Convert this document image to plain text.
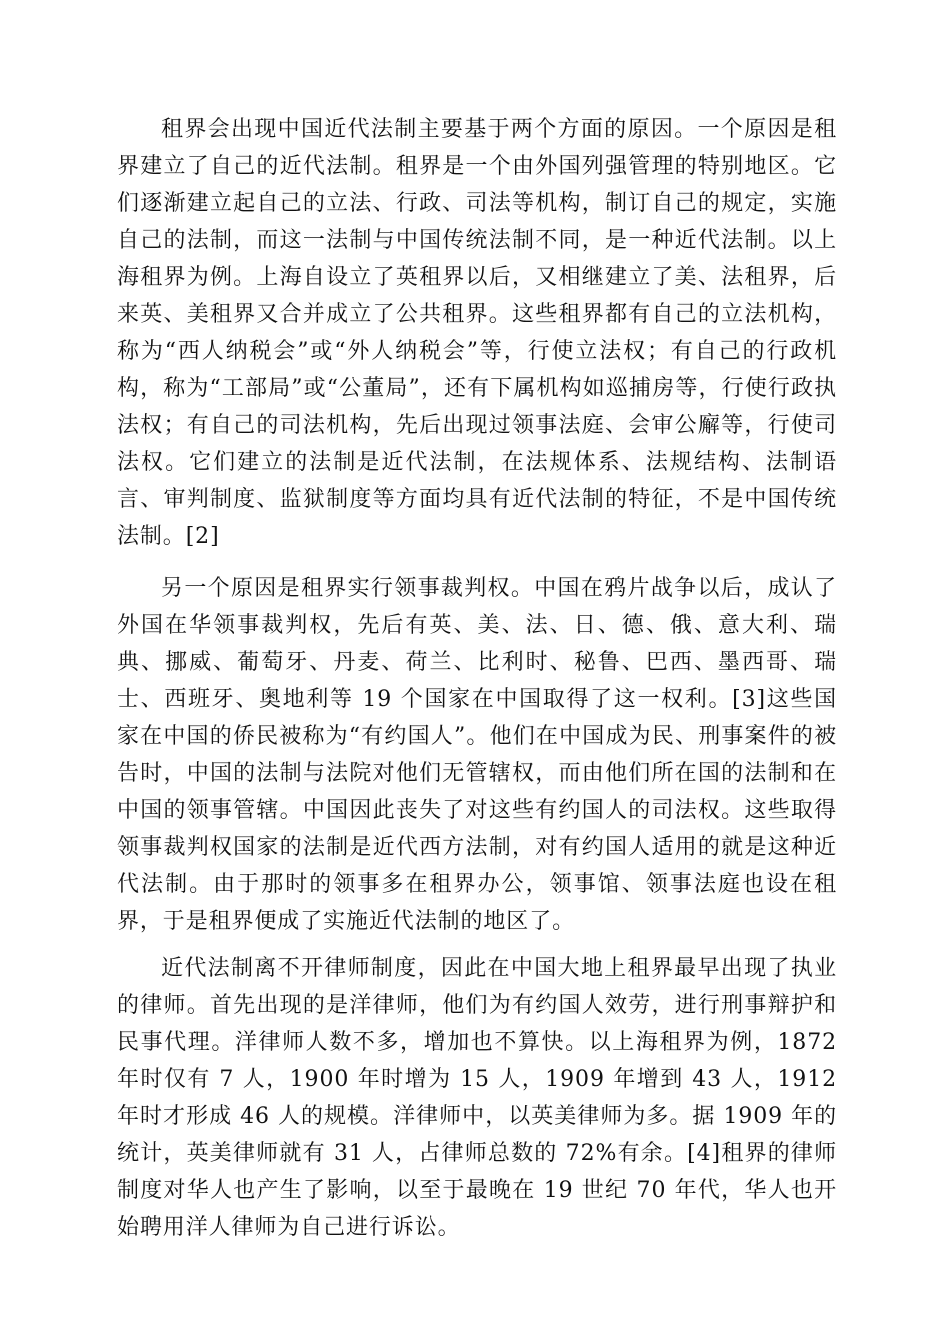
租界会出现中国近代法制主要基于两个方面的原因。一个原因是租界建立了自己的近代法制。租界是一个由外国列强管理的特别地区。它们逐渐建立起自己的立法、行政、司法等机构，制订自己的规定，实施自己的法制，而这一法制与中国传统法制不同，是一种近代法制。以上海租界为例。上海自设立了英租界以后，又相继建立了美、法租界，后来英、美租界又合并成立了公共租界。这些租界都有自己的立法机构，称为“西人纳税会”或“外人纳税会”等，行使立法权；有自己的行政机构，称为“工部局”或“公董局”，还有下属机构如巡捕房等，行使行政执法权；有自己的司法机构，先后出现过领事法庭、会审公廨等，行使司法权。它们建立的法制是近代法制，在法规体系、法规结构、法制语言、审判制度、监狱制度等方面均具有近代法制的特征，不是中国传统法制。[2]

另一个原因是租界实行领事裁判权。中国在鸦片战争以后，成认了外国在华领事裁判权，先后有英、美、法、日、德、俄、意大利、瑞典、挪威、葡萄牙、丹麦、荷兰、比利时、秘鲁、巴西、墨西哥、瑞士、西班牙、奥地利等 19 个国家在中国取得了这一权利。[3]这些国家在中国的侨民被称为“有约国人”。他们在中国成为民、刑事案件的被告时，中国的法制与法院对他们无管辖权，而由他们所在国的法制和在中国的领事管辖。中国因此丧失了对这些有约国人的司法权。这些取得领事裁判权国家的法制是近代西方法制，对有约国人适用的就是这种近代法制。由于那时的领事多在租界办公，领事馆、领事法庭也设在租界，于是租界便成了实施近代法制的地区了。

近代法制离不开律师制度，因此在中国大地上租界最早出现了执业的律师。首先出现的是洋律师，他们为有约国人效劳，进行刑事辩护和民事代理。洋律师人数不多，增加也不算快。以上海租界为例，1872 年时仅有 7 人，1900 年时增为 15 人，1909 年增到 43 人，1912 年时才形成 46 人的规模。洋律师中，以英美律师为多。据 1909 年的统计，英美律师就有 31 人，占律师总数的 72%有余。[4]租界的律师制度对华人也产生了影响，以至于最晚在 19 世纪 70 年代，华人也开始聘用洋人律师为自己进行诉讼。
